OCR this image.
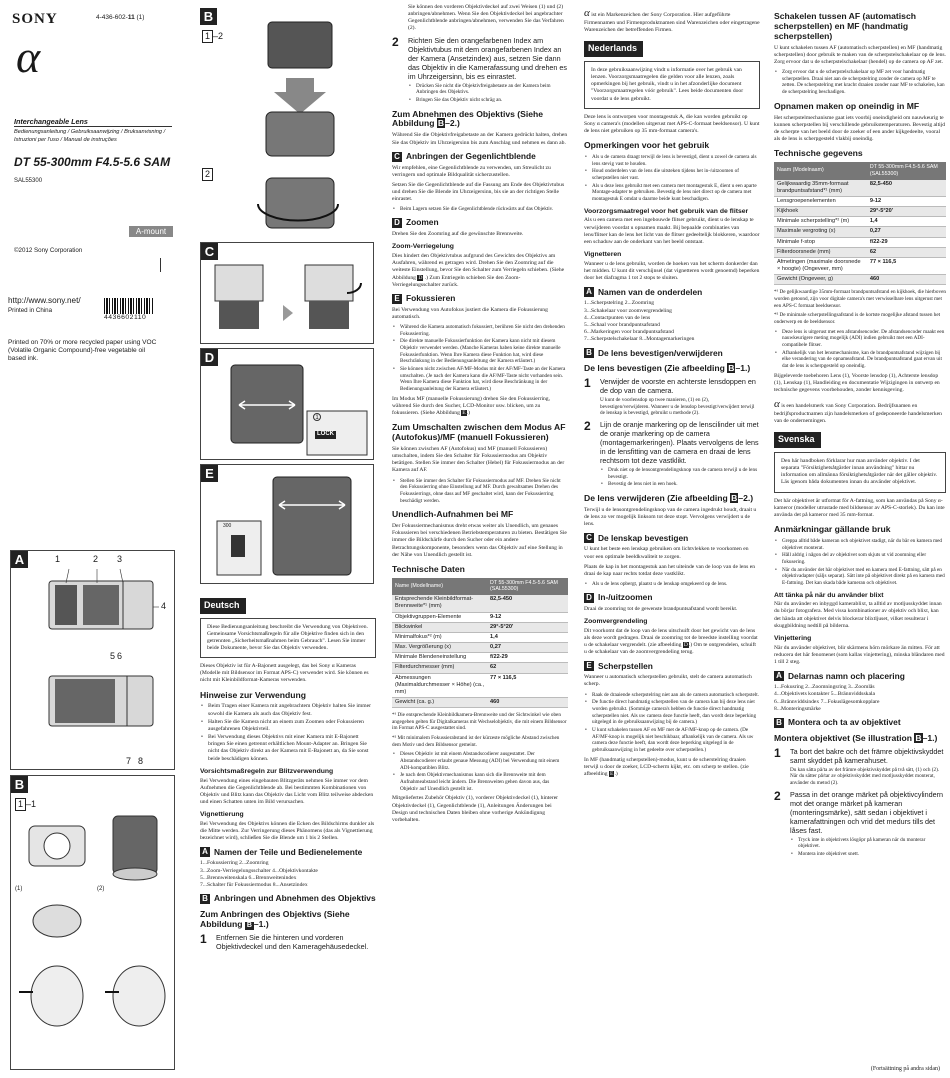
SONY	4-436-602-11 (1)
α
Interchangeable Lens
Bedienungsanleitung / Gebruiksaanwijzing / Bruksanvisning / Istruzioni per l'uso / Manual de instruções
DT 55-300mm F4.5-5.6 SAM
SAL55300
A-mount
©2012 Sony Corporation
http://www.sony.net/
Printed in China
4436602110
Printed on 70% or more recycled paper using VOC (Volatile Organic Compound)-free vegetable oil based ink.
A	1	2 3
4
5 6
7 8
B
1 –1
(1)	(2)
B
1 –2
2
C
D
1
LOCK
E
300
Deutsch
Diese Bedienungsanleitung beschreibt die Verwendung von Objektiven. Gemeinsame Vorsichtsmaßregeln für alle Objektive finden sich in den getrennten „Sicherheitsmaßnahmen beim Gebrauch". Lesen Sie immer beide Dokumente, bevor Sie das Objektiv verwenden.
Dieses Objektiv ist für A-Bajonett ausgelegt, das bei Sony α Kameras (Modelle mit Bildsensor im Format APS-C) verwendet wird. Sie können es nicht mit Kleinbildformat-Kameras verwenden.
Hinweise zur Verwendung
• Beim Tragen einer Kamera mit angebrachtem Objektiv halten Sie immer sowohl die Kamera als auch das Objektiv fest.
• Halten Sie die Kamera nicht an einem zum Zoomen oder Fokussieren ausgefahrenen Objektivteil.
• Bei Verwendung dieses Objektivs mit einer Kamera mit E-Bajonett bringen Sie einen getrennt erhältlichen Mount-Adapter an. Bringen Sie nicht das Objektiv direkt an der Kamera mit E-Bajonett an, da Sie sonst beide beschädigen können.
Vorsichtsmaßregeln zur Blitzverwendung
Bei Verwendung eines eingebauten Blitzgeräts nehmen Sie immer vor dem Aufnehmen die Gegenlichtblende ab. Bei bestimmten Kombinationen von Objektiv und Blitz kann das Objektiv das Licht vom Blitz teilweise abdecken und einen Schatten unten im Bild verursachen.
Vignettierung
Bei Verwendung des Objektivs können die Ecken des Bildschirms dunkler als die Mitte werden. Zur Verringerung dieses Phänomens (das als Vignettierung bezeichnet wird), schließen Sie die Blende um 1 bis 2 Stellen.
A Namen der Teile und Bedienelemente
1...Fokussierring 2...Zoomring
3...Zoom-Verriegelungsschalter 4...Objektivkontakte
5...Brennweitenskala 6...Brennweitenindex
7...Schalter für Fokussiermodus 8...Ansetzindex
B Anbringen und Abnehmen des Objektivs
Zum Anbringen des Objektivs (Siehe Abbildung B –1.)
1	Entfernen Sie die hinteren und vorderen Objektivdeckel und den Kameragehäusedeckel.
Sie können den vorderen Objektivdeckel auf zwei Weisen (1) und (2) anbringen/abnehmen. Wenn Sie den Objektivdeckel bei angebrachter Gegenlichtblende anbringen/abnehmen, verwenden Sie das Verfahren (2).
2	Richten Sie den orangefarbenen Index am Objektivtubus mit dem orangefarbenen Index an der Kamera (Ansetzindex) aus, setzen Sie dann das Objektiv in die Kamerafassung und drehen es im Uhrzeigersinn, bis es einrastet.
• Drücken Sie nicht die Objektivfreigabetaste an der Kamera beim Anbringen des Objektivs.
• Bringen Sie das Objektiv nicht schräg an.
Zum Abnehmen des Objektivs (Siehe Abbildung B–2.)
Während Sie die Objektivfreigabetaste an der Kamera gedrückt halten, drehen Sie das Objektiv im Uhrzeigersinn bis zum Anschlag und nehmen es dann ab.
C Anbringen der Gegenlichtblende
Wir empfehlen, eine Gegenlichtblende zu verwenden, um Streulicht zu verringern und optimale Bildqualität sicherzustellen.
Setzen Sie die Gegenlichtblende auf die Fassung am Ende des Objektivtubus und drehen Sie die Blende im Uhrzeigersinn, bis sie an der richtigen Stelle einrastet.
• Beim Lagern setzen Sie die Gegenlichtblende rückwärts auf das Objektiv.
D Zoomen
Drehen Sie den Zoomring auf die gewünschte Brennweite.
Zoom-Verriegelung
Dies hindert den Objektivtubus aufgrund des Gewichts des Objektivs am Ausfahren, während es getragen wird. Drehen Sie den Zoomring auf die weiteste Einstellung, bevor Sie den Schalter zum Verriegeln schieben. (Siehe Abbildung D .) Zum Entriegeln schieben Sie den Zoom-Verriegelungsschalter zurück.
E Fokussieren
Bei Verwendung von Autofokus justiert die Kamera die Fokussierung automatisch.
• Während die Kamera automatisch fokussiert, berühren Sie nicht den drehenden Fokussierring.
• Die direkte manuelle Fokussierfunktion der Kamera kann nicht mit diesem Objektiv verwendet werden. (Manche Kameras haben keine direkte manuelle Fokussierfunktion. Wenn Ihre Kamera diese Funktion hat, wird diese Beschränkung in der Bedienungsanleitung der Kamera erläutert.)
• Sie können nicht zwischen AF/MF-Modus mit der AF/MF-Taste an der Kamera umschalten. (Je nach der Kamera kann die AF/MF-Taste nicht vorhanden sein. Wenn Ihre Kamera diese Funktion hat, wird diese Beschränkung in der Bedienungsanleitung der Kamera erläutert.)
Im Modus MF (manuelle Fokussierung) drehen Sie den Fokussierring, während Sie durch den Sucher, LCD-Monitor usw. blicken, um zu fokussieren. (Siehe Abbildung E.)
Zum Umschalten zwischen dem Modus AF (Autofokus)/MF (manuell Fokussieren)
Sie können zwischen AF (Autofokus) und MF (manuell Fokussieren) umschalten, indem Sie den Schalter für Fokussiermodus am Objektiv betätigen. Stellen Sie immer den Schalter (Hebel) für Fokussiermodus an der Kamera auf AF.
• Stellen Sie immer den Schalter für Fokussiermodus auf MF. Drehen Sie nicht den Fokussierring ohne Einstellung auf MF. Durch gewaltsames Drehen des Fokussierrings, ohne dass auf MF geschaltet wird, kann der Fokussierring beschädigt werden.
Unendlich-Aufnahmen bei MF
Der Fokussiermechanismus dreht etwas weiter als Unendlich, um genaues Fokussieren bei verschiedenen Betriebstemperaturen zu bieten. Bestätigen Sie immer die Bildschärfe durch den Sucher oder ein andere Betrachtungskomponente, besonders wenn das Objektiv auf eine Stellung in der Nähe von Unendlich gestellt ist.
Technische Daten
Name (Modellname)	DT 55-300mm F4.5-5.6 SAM (SAL55300)
Entsprechende Kleinbildformat-Brennweite*¹ (mm)	82,5-450
Objektivgruppen-Elemente	9-12
Blickwinkel	29°-5°20'
Minimalfokus*² (m)	1,4
Max. Vergrößerung (x)	0,27
Minimale Blendeneinstellung	f/22-29
Filterdurchmesser (mm)	62
Abmessungen (Maximaldurchmesser × Höhe) (ca., mm)	77 × 116,5
Gewicht (ca. g.)	460
*¹ Die entsprechende Kleinbildkamera-Brennweite und der Sichtwinkel wie oben angegeben gelten für Digitalkameras mit Wechselobjektiv, die mit einem Bildsensor im Format APS-C ausgestattet sind.
*² Mit minimalem Fokussierabstand ist der kürzeste mögliche Abstand zwischen dem Motiv und dem Bildsensor gemeint.
• Dieses Objektiv ist mit einem Abstandscodierer ausgestattet. Der Abstandscodierer erlaubt genaue Messung (ADI) bei Verwendung mit einem ADI-kompatiblen Blitz.
• Je nach dem Objektivmechanismus kann sich die Brennweite mit dem Aufnahmeabstand leicht ändern. Die Brennweiten gehen davon aus, das Objektiv auf Unendlich gestellt ist.
Mitgeliefertes Zubehör Objektiv (1), vorderer Objektivdeckel (1), hinterer Objektivdeckel (1), Gegenlichtblende (1), Anleitungen Änderungen bei Design und technischen Daten bleiben ohne vorherige Ankündigung vorbehalten.
α ist ein Markenzeichen der Sony Corporation. Hier aufgeführte Firmennamen und Firmenproduktnamen sind Warenzeichen oder eingetragene Warenzeichen der betreffenden Firmen.
Nederlands
In deze gebruiksaanwijzing vindt u informatie over het gebruik van lenzen. Voorzorgsmaatregelen die gelden voor alle lenzen, zoals opmerkingen bij het gebruik, vindt u in het afzonderlijke document "Voorzorgsmaatregelen vóór gebruik". Lees beide documenten door voordat u de lens gebruikt.
Deze lens is ontworpen voor montagestuk A, die kan worden gebruikt op Sony α camera's (modellen uitgerust met APS-C-formaat beeldsensor). U kunt de lens niet gebruiken op 35 mm-formaat camera's.
Opmerkingen voor het gebruik
• Als u de camera draagt terwijl de lens is bevestigd, dient u zowel de camera als lens stevig vast te houden.
• Houd onderdelen van de lens die uitsteken tijdens het in-/uitzoomen of scherpstellen niet vast.
• Als u deze lens gebruikt met een camera met montagestuk E, dient u een aparte Montage-adapter te gebruiken. Bevestig de lens niet direct op de camera met montagestuk E omdat u daarme beide kunt beschadigen.
Voorzorgsmaatregel voor het gebruik van de flitser
Als u een camera met een ingebouwde flitser gebruikt, dient u de lenskap te verwijderen voordat u opnamen maakt. Bij bepaalde combinaties van lens/flitser kan de lens het licht van de flitser gedeeltelijk blokkeren, waardoor een schaduw aan de onderkant van het beeld ontstaat.
Vignetteren
Wanneer u de lens gebruikt, worden de hoeken van het scherm donkerder dan het midden. U kunt dit verschijnsel (dat vignetteren wordt genoemd) beperken door het diafragma 1 tot 2 stops te sluiten.
A Namen van de onderdelen
1...Scherpstelring 2...Zoomring
3...Schakelaar voor zoomvergrendeling
4...Contactpunten van de lens
5...Schaal voor brandpuntsafstand
6...Markeringen voor brandpuntsafstand
7...Scherpstelschakelaar 8...Montagemarkeringen
B De lens bevestigen/verwijderen
De lens bevestigen (Zie afbeelding B–1.)
1	Verwijder de voorste en achterste lensdoppen en de dop van de camera.
U kunt de voorlensdop op twee manieren, (1) en (2), bevestigen/verwijderen. Wanneer u de lensdop bevestigt/verwijdert terwijl de lenskap is bevestigd, gebruikt u methode (2).
2	Lijn de oranje markering op de lenscilinder uit met de oranje markering op de camera (montagemarkeringen). Plaats vervolgens de lens in de lensfitting van de camera en draai de lens rechtsom tot deze vastklikt.
• Druk niet op de lensontgrendelingsknop van de camera terwijl u de lens bevestigt.
• Bevestig de lens niet in een hoek.
De lens verwijderen (Zie afbeelding B–2.)
Terwijl u de lensontgrendelingsknop van de camera ingedrukt houdt, draait u de lens zo ver mogelijk linksom tot deze stopt. Vervolgens verwijdert u de lens.
C De lenskap bevestigen
U kunt het beste een lenskap gebruiken om lichtvlekken te voorkomen en voor een optimale beeldkwaliteit te zorgen.
Plaats de kap in het montagestuk aan het uiteinde van de loop van de lens en draai de kap naar rechts totdat deze vastklikt.
• Als u de lens opbergt, plaatst u de lenskap omgekeerd op de lens.
D In-/uitzoomen
Draai de zoomring tot de gewenste brandpuntsafstand wordt bereikt.
Zoomvergrendeling
Dit voorkomt dat de loop van de lens uitschuift door het gewicht van de lens als deze wordt gedragen. Draai de zoomring tot de breedste instelling voordat u de schakelaar vergrendelt. (zie afbeelding D.) Om te ontgrendelen, schuift u de schakelaar van de zoomvergrendeling terug.
E Scherpstellen
Wanneer u automatisch scherpstellen gebruikt, stelt de camera automatisch scherp.
• Raak de draaiende scherpstelring niet aan als de camera automatisch scherpstelt.
• De functie direct handmatig scherpstellen van de camera kan bij deze lens niet worden gebruikt. (Sommige camera's hebben de functie direct handmatig scherpstellen niet. Als uw camera deze functie heeft, dan wordt deze beperking uitgelegd in de gebruiksaanwijzing bij de camera.)
• U kunt schakelen tussen AF en MF met de AF/MF-knop op de camera. (De AF/MF-knop is mogelijk niet beschikbaar, afhankelijk van de camera. Als uw camera deze functie heeft, dan wordt deze beperking uitgelegd in de gebruiksaanwijzing in het gedeelte over scherpstellen.)
In MF (handmatig scherpstellen)-modus, kunt u de scherstelring draaien terwijl u door de zoeker, LCD-scherm kijkt, etc. om scherp te stellen. (zie afbeelding E.)
Schakelen tussen AF (automatisch scherpstellen) en MF (handmatig scherpstellen)
U kunt schakelen tussen AF (automatisch scherpstellen) en MF (handmatig scherpstellen) door gebruik te maken van de scherpstelschakelaar op de lens. Zorg ervoor dat u de scherpstelschakelaar (hendel) op de camera op AF zet.
• Zorg ervoor dat u de scherpstelschakelaar op MF zet voor handmatig scherpstellen. Draai niet aan de scherpstelring zonder de camera op MF te zetten. De scherpstelring met kracht draaien zonder naar MF te schakelen, kan de scherpstelring beschadigen.
Opnamen maken op oneindig in MF
Het scherpstelmechanisme gaat iets voorbij oneindigheid om nauwkeurig te kunnen scherpstellen bij verschillende gebruikstemperaturen. Bevestig altijd de scherpte van het beeld door de zoeker of een ander kijkgedeelte, vooral als de lens is scherpgesteld vlakbij oneindig.
Technische gegevens
Naam (Modelnaam)	DT 55-300mm F4.5-5.6 SAM (SAL55300)
Gelijkwaardig 35mm-formaat brandpuntsafstand*¹ (mm)	82,5-450
Lensgroepenelementen	9-12
Kijkhoek	29°-5°20'
Minimale scherpstelling*² (m)	1,4
Maximale vergroting (x)	0,27
Minimale f-stop	f/22-29
Filterdoorsnede (mm)	62
Afmetingen (maximale doorsnede × hoogte) (Ongeveer, mm)	77 × 116,5
Gewicht (Ongeveer, g)	460
*¹ De gelijkwaardige 35mm-formaat brandpuntsafstand en kijkhoek, die hierboven worden getoond, zijn voor digitale camera's met verwisselbare lens uitgerust met een APS-C formaat beeldsensor.
*² De minimale scherpstellingsafstand is de kortste mogelijke afstand tussen het onderwerp en de beeldsensor.
• Deze lens is uitgerust met een afstandsencoder. De afstandsencoder maakt een nauwkeurigere meting mogelijk (ADI) indien gebruikt met een ADI-compatibele flitser.
• Afhankelijk van het lensmechanisme, kan de brandpuntsafstand wijzigen bij elke verandering van de opnameafstand. De brandpuntsafstand gaat ervan uit dat de lens is scherpgesteld op oneindig.
Bijgeleverde toebehoren Lens (1), Voorste lensdop (1), Achterste lensdop (1), Lenskap (1), Handleiding en documentatie Wijzigingen in ontwerp en technische gegevens voorbehouden, zonder kennisgeving.
α is een handelsmerk van Sony Corporation. Bedrijfsnamen en bedrijfsproductnamen zijn handelsmerken of gedeponeerde handelsmerken van de ondernemingen.
Svenska
Den här handboken förklarar hur man använder objektiv. I det separata "Försiktighetsåtgärder innan användning" hittar nu information om allmänna försiktighetsåtgärder när det gäller objektiv. Läs igenom båda dokumenten innan du använder objektivet.
Det här objektivet är utformat för A-fattning, som kan användas på Sony α-kameror (modeller utrustade med bildsensor av APS-C-storlek). Du kan inte använda det på kameror med 35 mm-format.
Anmärkningar gällande bruk
• Greppa alltid både kameran och objektivet stadigt, när du bär en kamera med objektivet monterat.
• Håll aldrig i någon del av objektivet som skjuts ut vid zoomning eller fokusering.
• När du använder det här objektivet med en kamera med E-fattning, sätt på en objektivadapter (säljs separat). Sätt inte på objektivet direkt på en kamera med E-fattning. Det kan skada både kameran och objektivet.
Att tänka på när du använder blixt
När du använder en inbyggd kamerablixt, ta alltid av motljusskyddet innan du börjar fotografera. Med vissa kombinationer av objektiv och blixt, kan det hända att objektivet delvis blockerar blixtljuset, vilket resulterar i skuggbildning nedtill på bilderna.
Vinjettering
När du använder objektivet, blir skärmens hörn mörkare än mitten. För att reducera det här fenomenet (som kallas vinjettering), minska bländaren med 1 till 2 steg.
A Delarnas namn och placering
1...Fokusring 2...Zoomningsring 3...Zoomlås
4...Objektivets kontakter 5...Brännviddsskala
6...Brännviddsindex 7...Fokuslägesomkopplare
8...Monteringsmärke
B Montera och ta av objektivet
Montera objektivet (Se illustration B–1.)
1	Ta bort det bakre och det främre objektivskyddet samt skyddet på kamerahuset.
Du kan sätta på/ta av det främre objektivskyddet på två sätt, (1) och (2). När du sätter på/tar av objektivskyddet med motljusskyddet monterat, använder du metod (2).
2	Passa in det orange märket på objektivcylindern mot det orange märket på kameran (monteringsmärke), sätt sedan i objektivet i kamerafattningen och vrid det medurs tills det låses fast.
• Tryck inte in objektivets lösgöpr på kameran när du monterar objektivet.
• Montera inte objektivet snett.
(Fortsättning på andra sidan)
